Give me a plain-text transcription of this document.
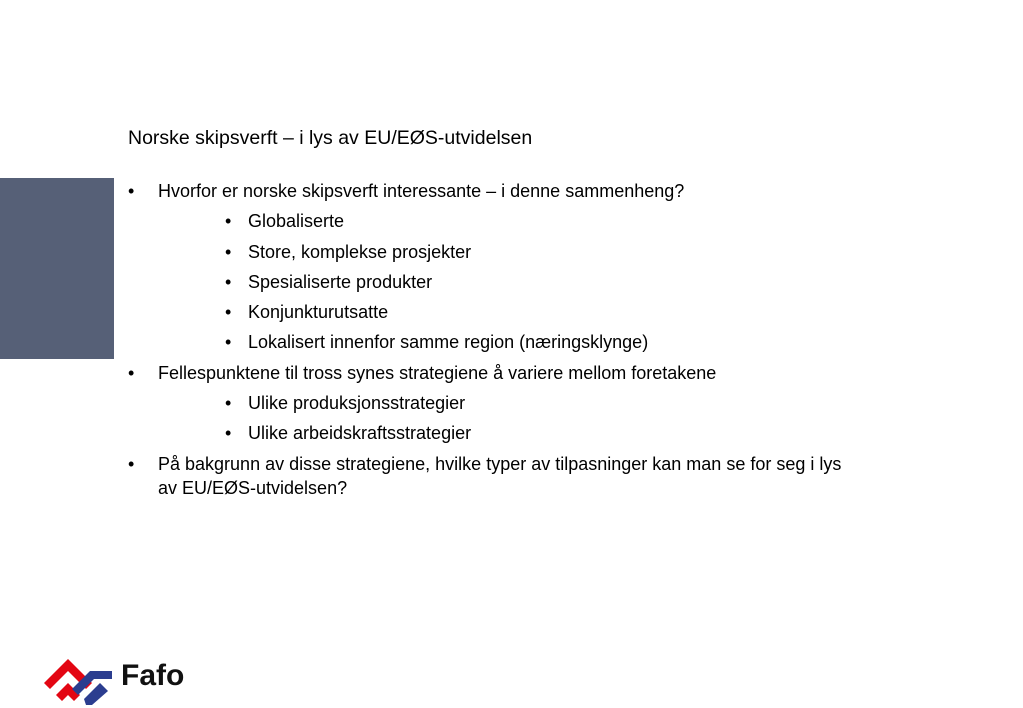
Norske skipsverft – i lys av EU/EØS-utvidelsen
• Hvorfor er norske skipsverft interessante – i denne sammenheng?
• Globaliserte
• Store, komplekse prosjekter
• Spesialiserte produkter
• Konjunkturutsatte
• Lokalisert innenfor samme region (næringsklynge)
• Fellespunktene til tross synes strategiene å variere mellom foretakene
• Ulike produksjonsstrategier
• Ulike arbeidskraftsstrategier
• På bakgrunn av disse strategiene, hvilke typer av tilpasninger kan man se for seg i lys av EU/EØS-utvidelsen?
Fafo
